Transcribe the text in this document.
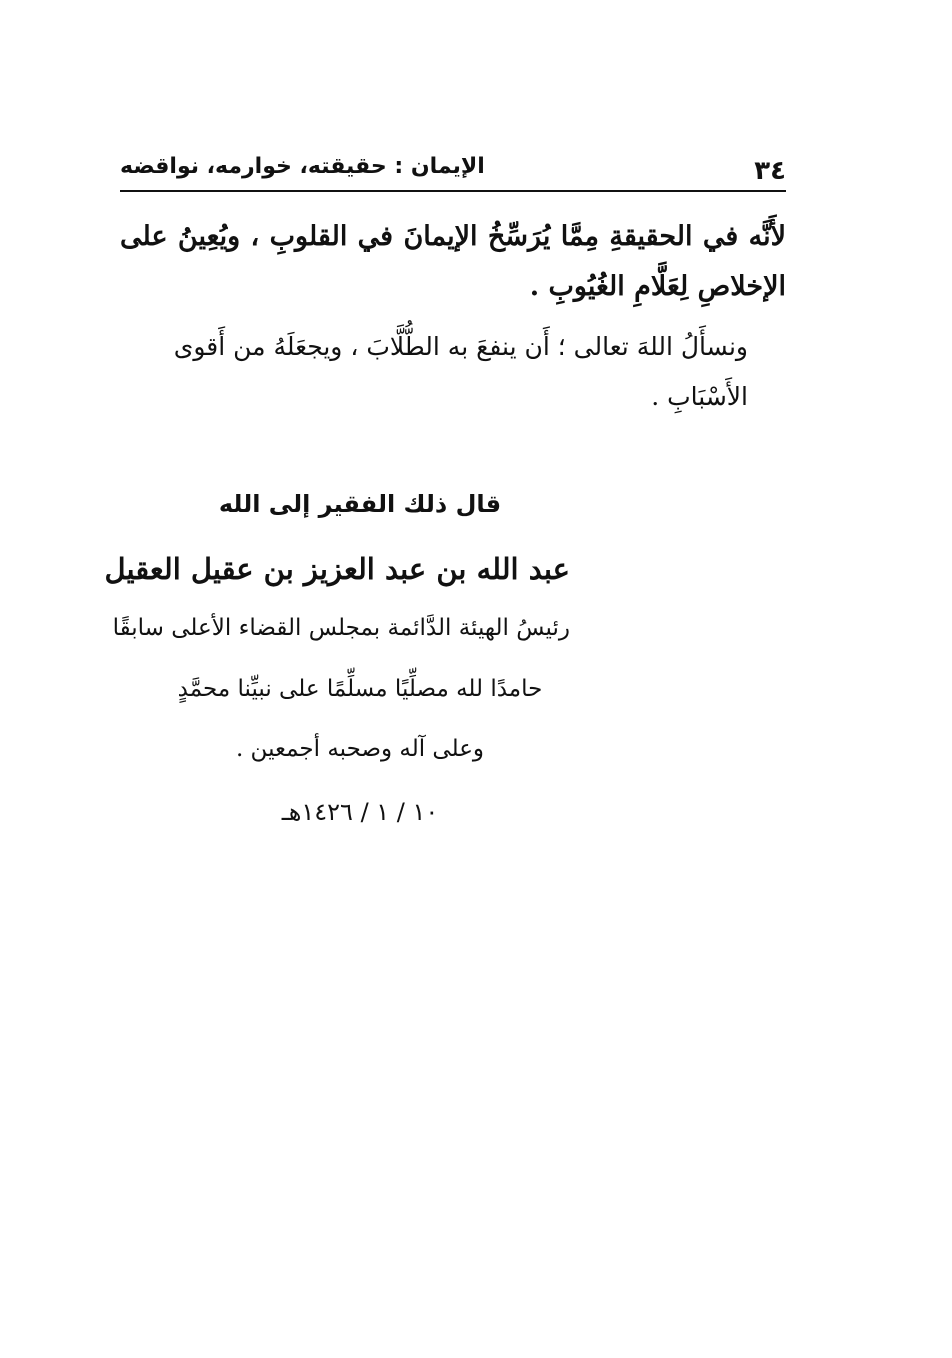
٣٤
الإيمان : حقيقته، خوارمه، نواقضه
لأَنَّه في الحقيقةِ مِمَّا يُرَسِّخُ الإيمانَ في القلوبِ ، ويُعِينُ على الإخلاصِ لِعَلَّامِ الغُيُوبِ .
ونسأَلُ اللهَ تعالى ؛ أَن ينفعَ به الطُّلَّابَ ، ويجعَلَهُ من أَقوى الأَسْبَابِ .
قال ذلك الفقير إلى الله
عبد الله بن عبد العزيز بن عقيل العقيل
رئيسُ الهيئة الدَّائمة بمجلس القضاء الأعلى سابقًا
حامدًا لله مصلِّيًا مسلِّمًا على نبيِّنا محمَّدٍ
وعلى آله وصحبه أجمعين .
١٠ / ١ / ١٤٢٦هـ
